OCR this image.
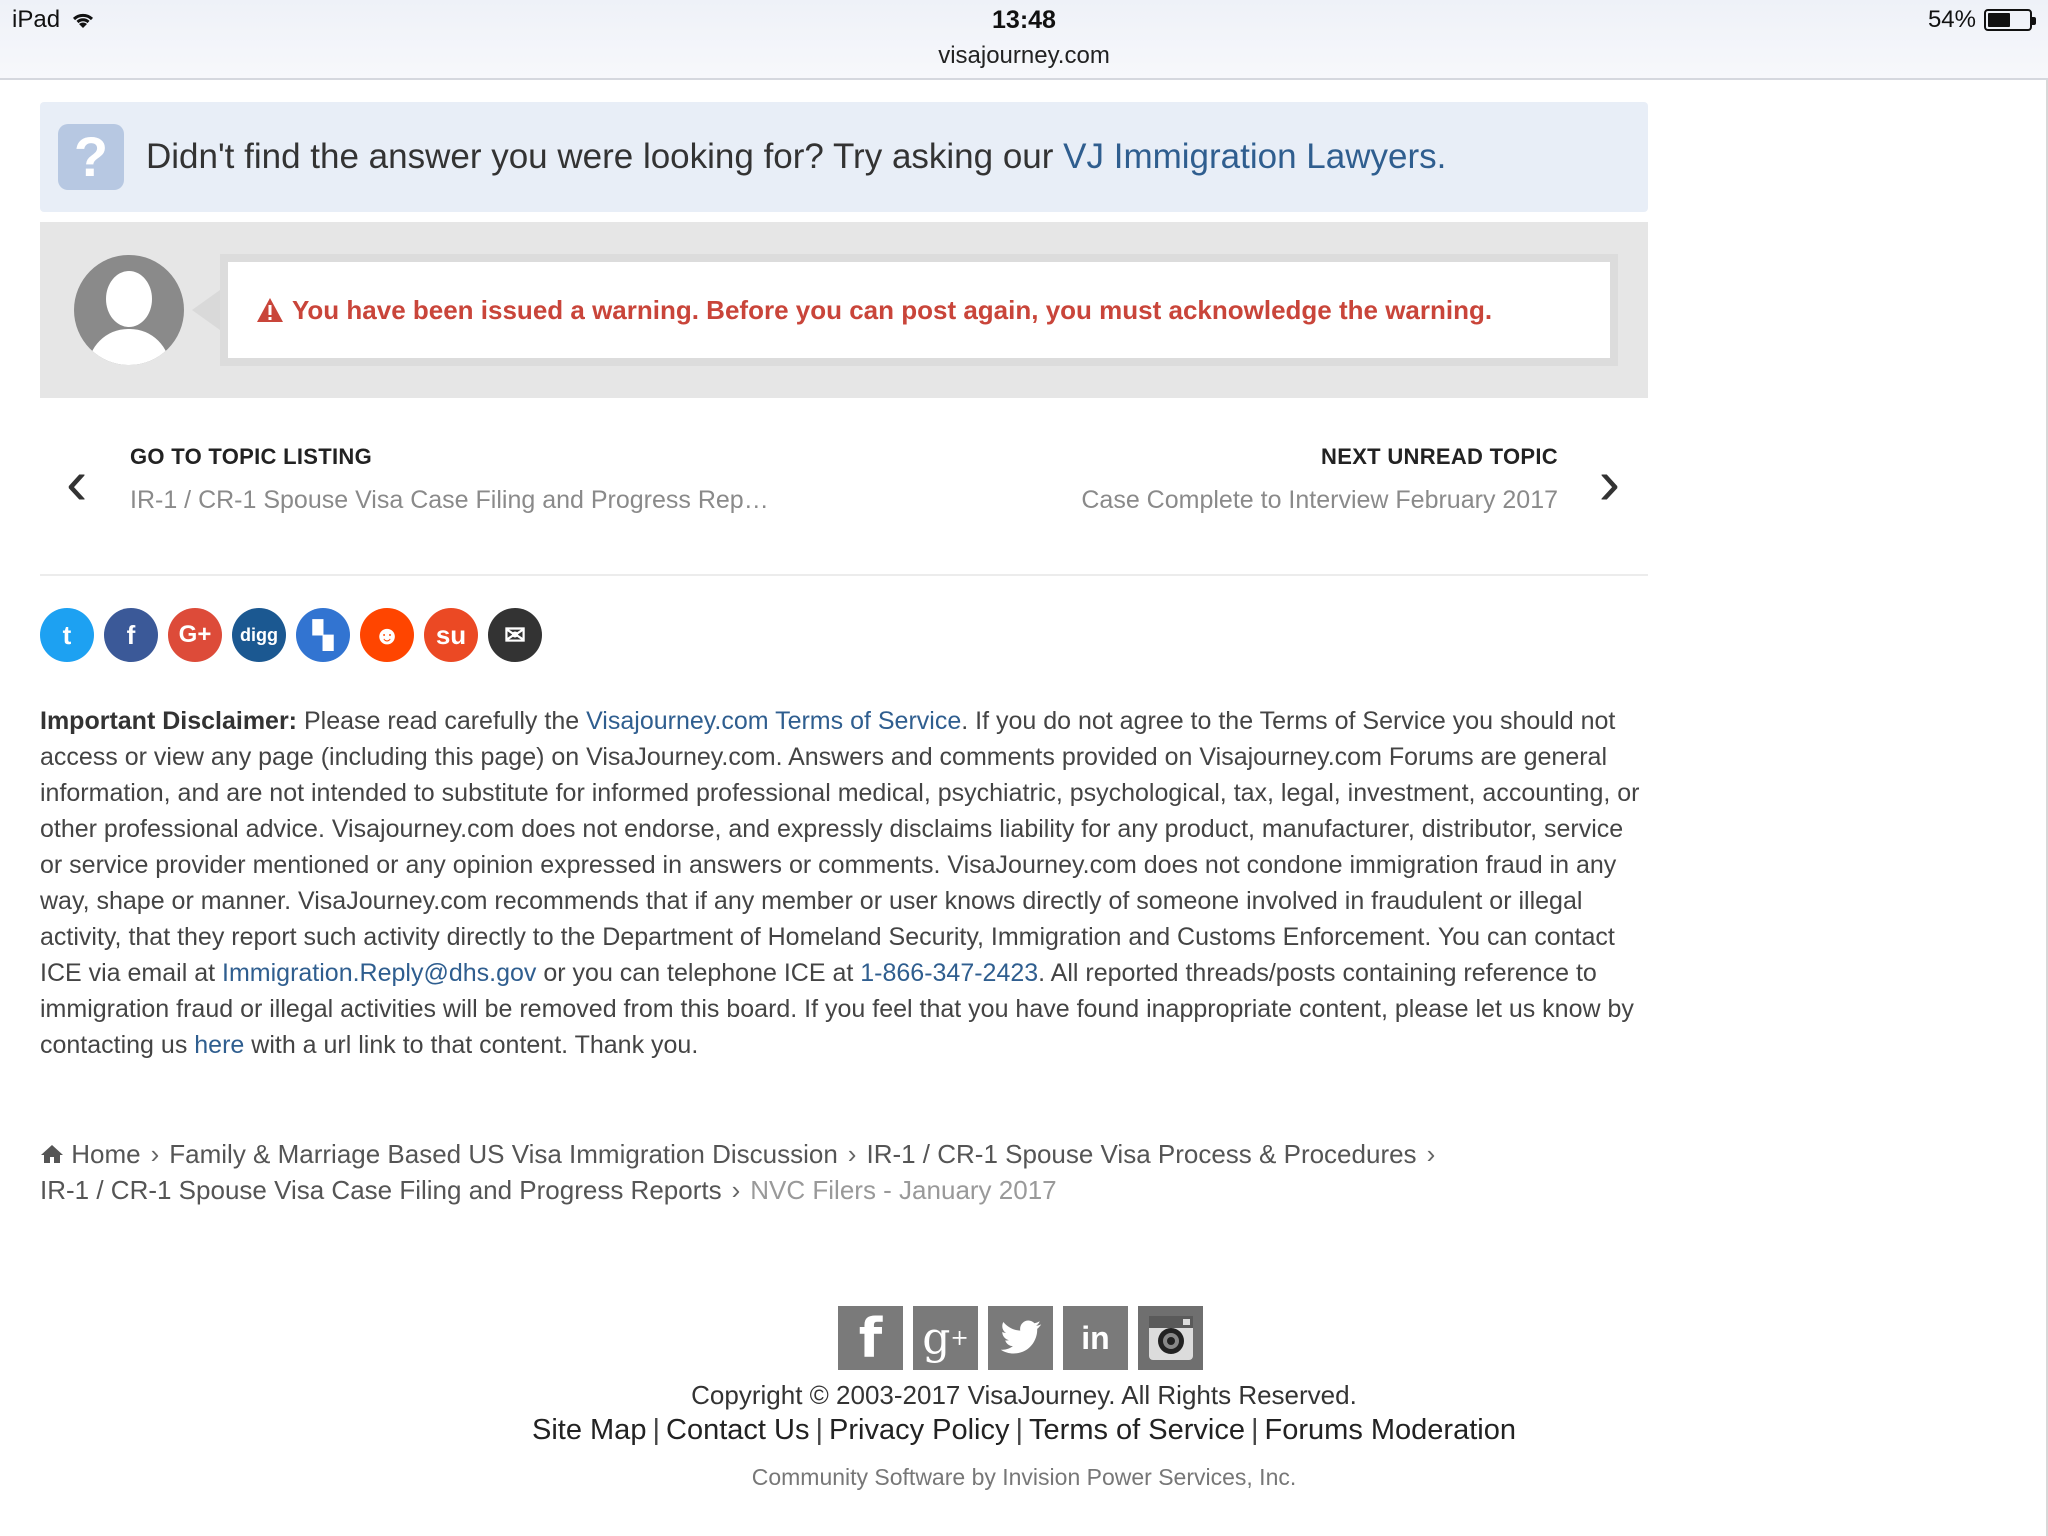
iPad	13:48
visajourney.com
54%
?	Didn't find the answer you were looking for? Try asking our VJ Immigration Lawyers.
You have been issued a warning. Before you can post again, you must acknowledge the warning.
‹ GO TO TOPIC LISTING
IR-1 / CR-1 Spouse Visa Case Filing and Progress Rep…
NEXT UNREAD TOPIC
Case Complete to Interview February 2017 ›
t	f	G+	digg	▚	☻	su	✉
Important Disclaimer: Please read carefully the Visajourney.com Terms of Service. If you do not agree to the Terms of Service you should not access or view any page (including this page) on VisaJourney.com. Answers and comments provided on Visajourney.com Forums are general information, and are not intended to substitute for informed professional medical, psychiatric, psychological, tax, legal, investment, accounting, or other professional advice. Visajourney.com does not endorse, and expressly disclaims liability for any product, manufacturer, distributor, service or service provider mentioned or any opinion expressed in answers or comments. VisaJourney.com does not condone immigration fraud in any way, shape or manner. VisaJourney.com recommends that if any member or user knows directly of someone involved in fraudulent or illegal activity, that they report such activity directly to the Department of Homeland Security, Immigration and Customs Enforcement. You can contact ICE via email at Immigration.Reply@dhs.gov or you can telephone ICE at 1-866-347-2423. All reported threads/posts containing reference to immigration fraud or illegal activities will be removed from this board. If you feel that you have found inappropriate content, please let us know by contacting us here with a url link to that content. Thank you.
Home › Family & Marriage Based US Visa Immigration Discussion › IR-1 / CR-1 Spouse Visa Process & Procedures ›
IR-1 / CR-1 Spouse Visa Case Filing and Progress Reports › NVC Filers - January 2017
f g +	in
Copyright © 2003-2017 VisaJourney. All Rights Reserved.
Site Map | Contact Us | Privacy Policy | Terms of Service | Forums Moderation
Community Software by Invision Power Services, Inc.
